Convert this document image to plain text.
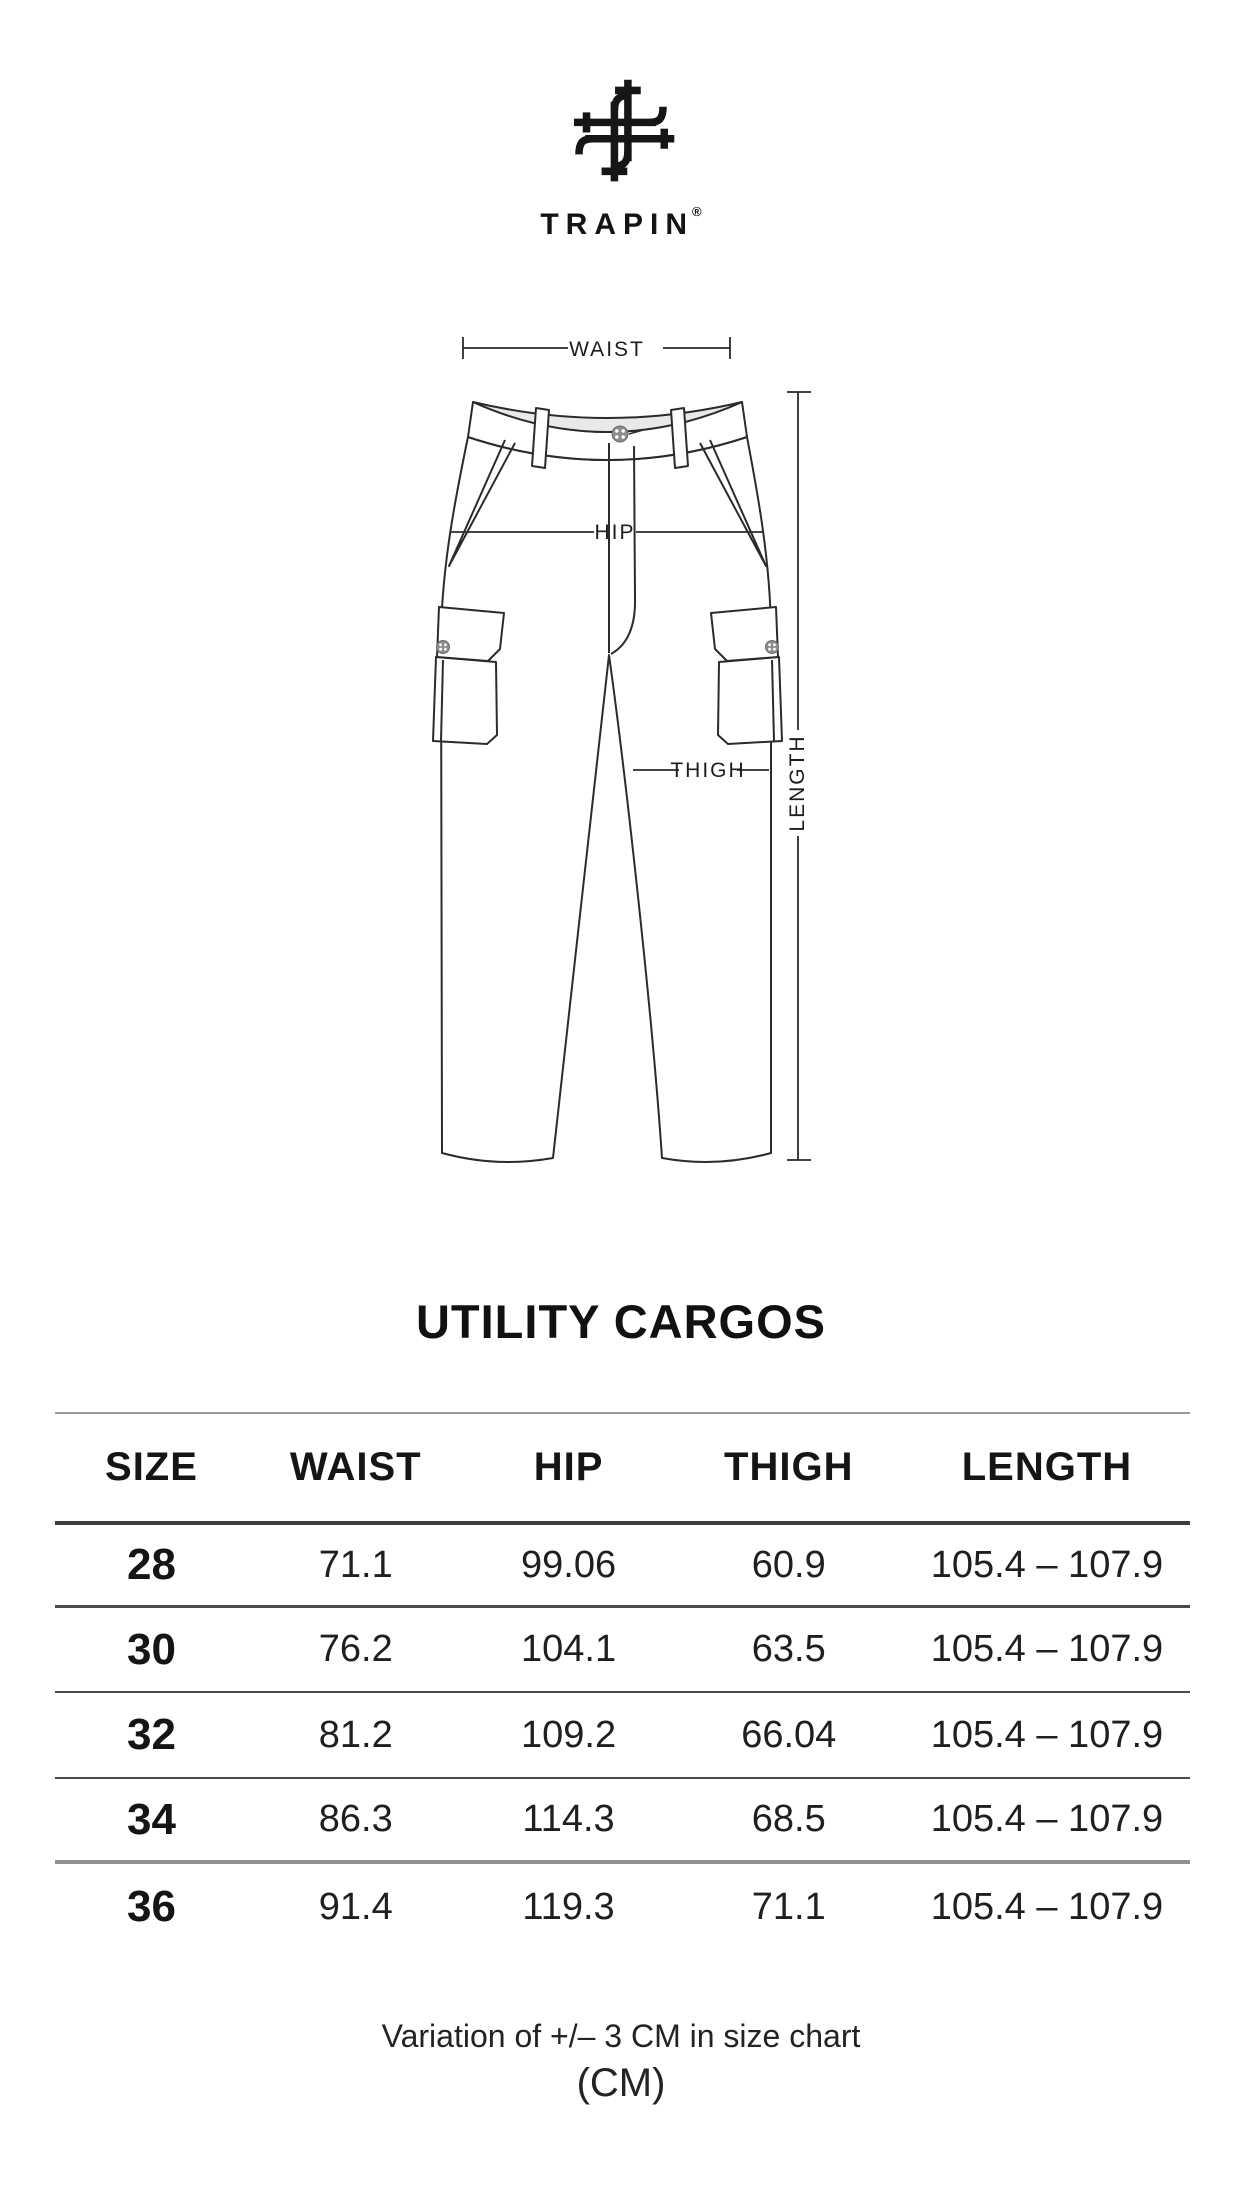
TRAPIN®
WAIST
HIP
THIGH LENGTH
UTILITY CARGOS
SIZE	WAIST	HIP	THIGH	LENGTH
28	71.1	99.06	60.9	105.4 – 107.9
30	76.2	104.1	63.5	105.4 – 107.9
32	81.2	109.2	66.04	105.4 – 107.9
34	86.3	114.3	68.5	105.4 – 107.9
36	91.4	119.3	71.1	105.4 – 107.9
Variation of +/– 3 CM in size chart
(CM)
